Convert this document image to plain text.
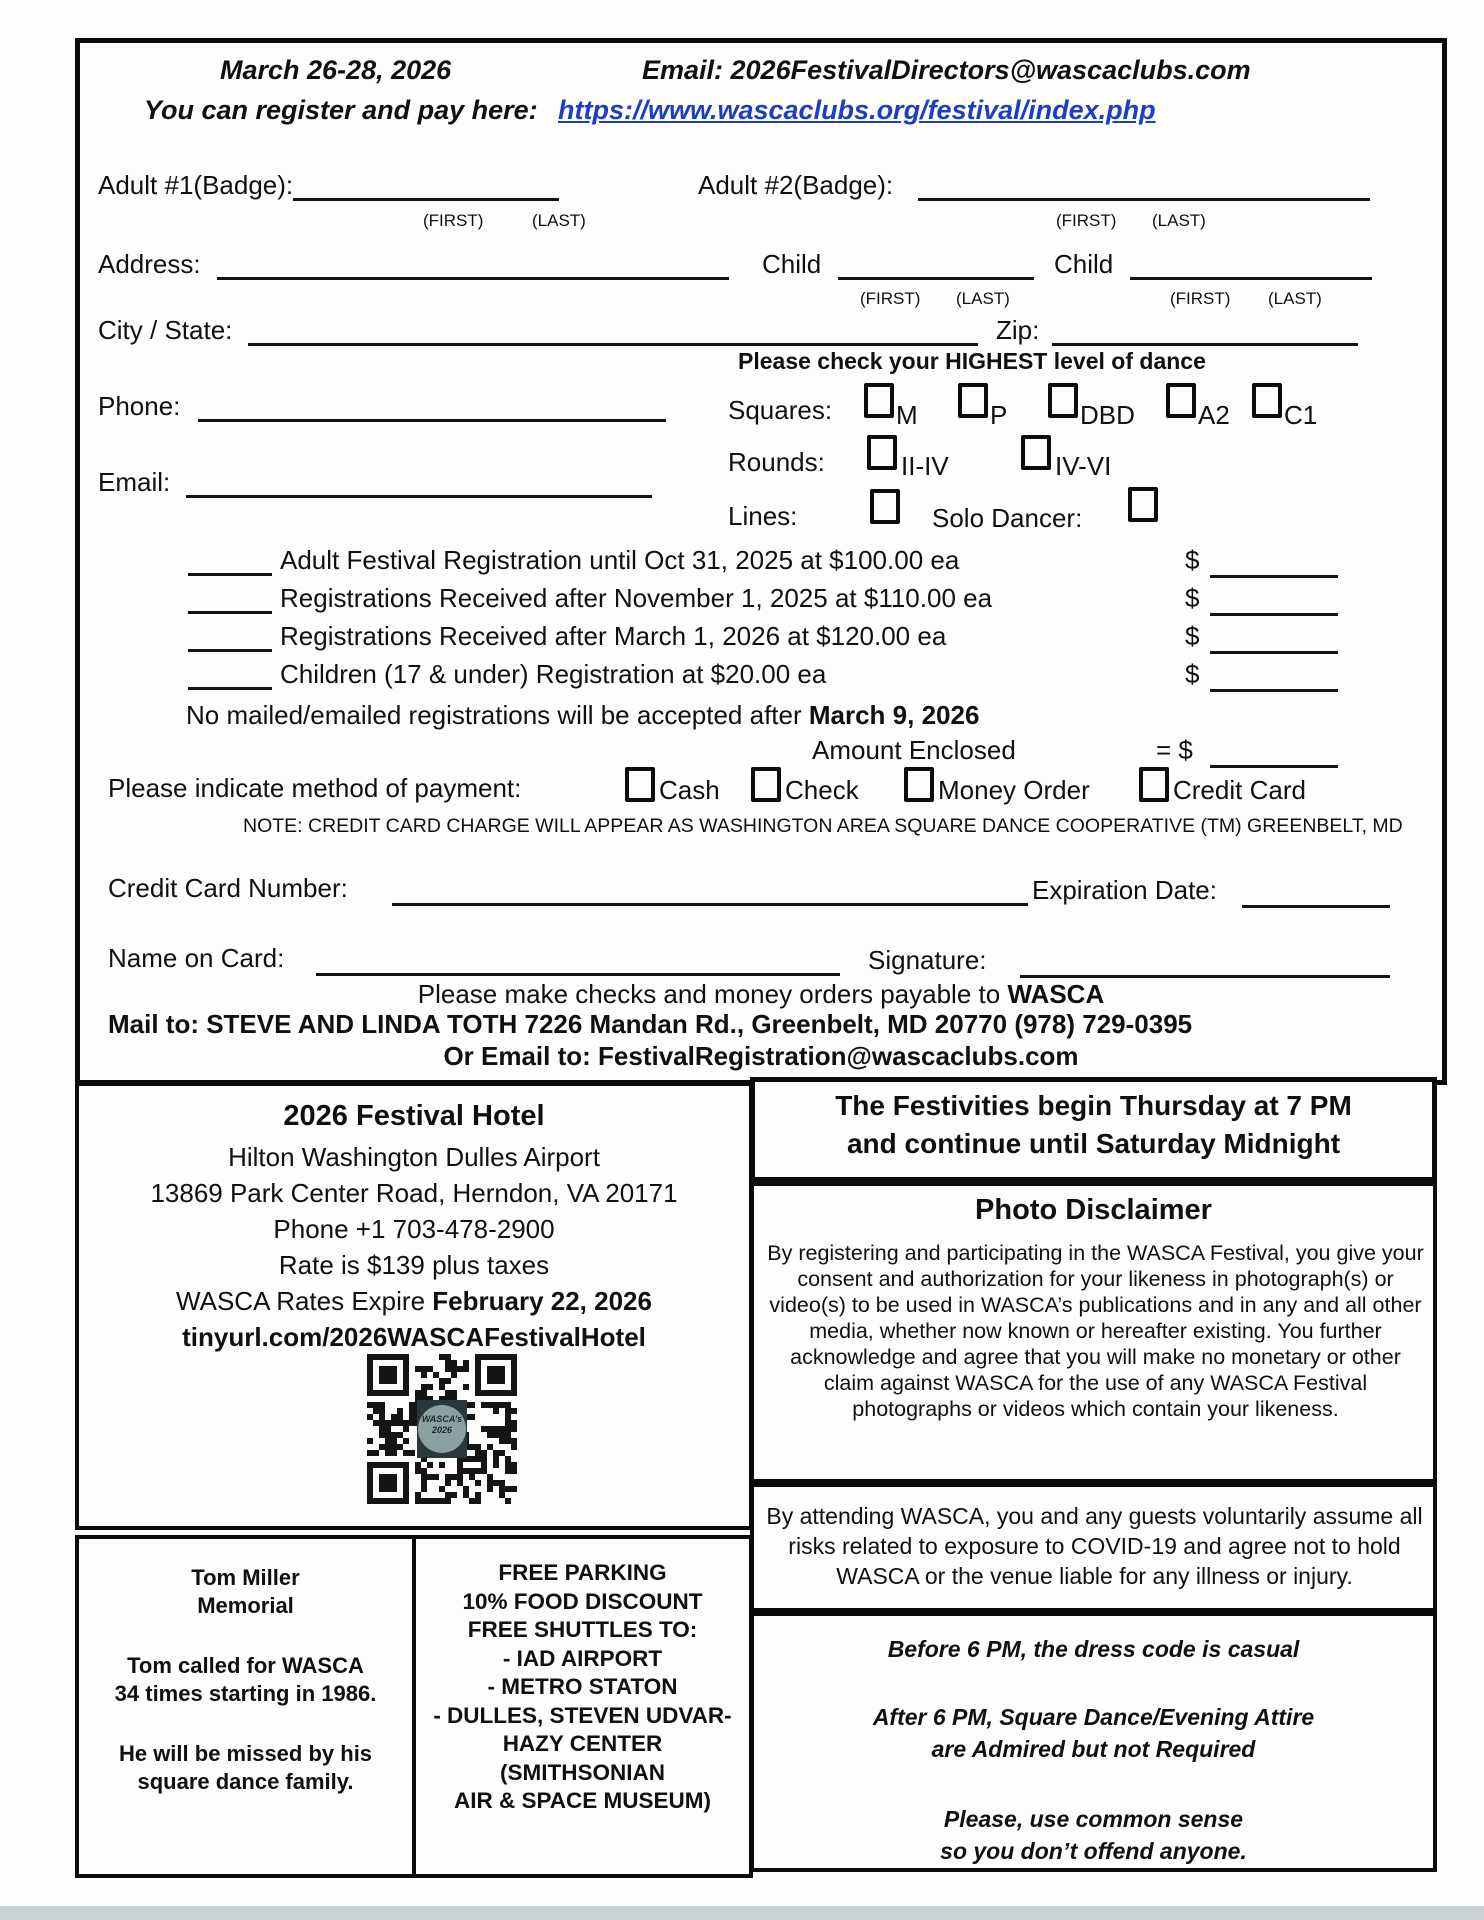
March 26-28, 2026	Email: 2026FestivalDirectors@wascaclubs.com
You can register and pay here: https://www.wascaclubs.org/festival/index.php
Adult #1(Badge):	Adult #2(Badge):
(FIRST)	(LAST)	(FIRST) (LAST)
Address:	Child	Child
(FIRST) (LAST)	(FIRST) (LAST)
City / State:	Zip:
Please check your HIGHEST level of dance
Phone:	Squares: M	P	DBD A2 C1
Rounds:	II-IV	IV-VI
Email:
Lines:	Solo Dancer:
Adult Festival Registration until Oct 31, 2025 at $100.00 ea	$
Registrations Received after November 1, 2025 at $110.00 ea	$
Registrations Received after March 1, 2026 at $120.00 ea	$
Children (17 & under) Registration at $20.00 ea	$
No mailed/emailed registrations will be accepted after March 9, 2026
Amount Enclosed	= $
Please indicate method of payment:	Cash	Check	Money Order	Credit Card
NOTE: CREDIT CARD CHARGE WILL APPEAR AS WASHINGTON AREA SQUARE DANCE COOPERATIVE (TM) GREENBELT, MD
Credit Card Number:	Expiration Date:
Name on Card:	Signature:
Please make checks and money orders payable to WASCA
Mail to: STEVE AND LINDA TOTH 7226 Mandan Rd., Greenbelt, MD 20770 (978) 729-0395
Or Email to: FestivalRegistration@wascaclubs.com
2026 Festival Hotel
Hilton Washington Dulles Airport
13869 Park Center Road, Herndon, VA 20171
Phone +1 703-478-2900
Rate is $139 plus taxes
WASCA Rates Expire February 22, 2026
tinyurl.com/2026WASCAFestivalHotel
WASCA’s
2026
Tom Miller
Memorial
Tom called for WASCA
34 times starting in 1986.
He will be missed by his
square dance family.
FREE PARKING
10% FOOD DISCOUNT
FREE SHUTTLES TO:
- IAD AIRPORT
- METRO STATON
- DULLES, STEVEN UDVAR-
HAZY CENTER
(SMITHSONIAN
AIR & SPACE MUSEUM)
The Festivities begin Thursday at 7 PM
and continue until Saturday Midnight
Photo Disclaimer
By registering and participating in the WASCA Festival, you give your consent and authorization for your likeness in photograph(s) or video(s) to be used in WASCA’s publications and in any and all other media, whether now known or hereafter existing. You further acknowledge and agree that you will make no monetary or other claim against WASCA for the use of any WASCA Festival photographs or videos which contain your likeness.
By attending WASCA, you and any guests voluntarily assume all risks related to exposure to COVID-19 and agree not to hold WASCA or the venue liable for any illness or injury.
Before 6 PM, the dress code is casual
After 6 PM, Square Dance/Evening Attire
are Admired but not Required
Please, use common sense
so you don’t offend anyone.
